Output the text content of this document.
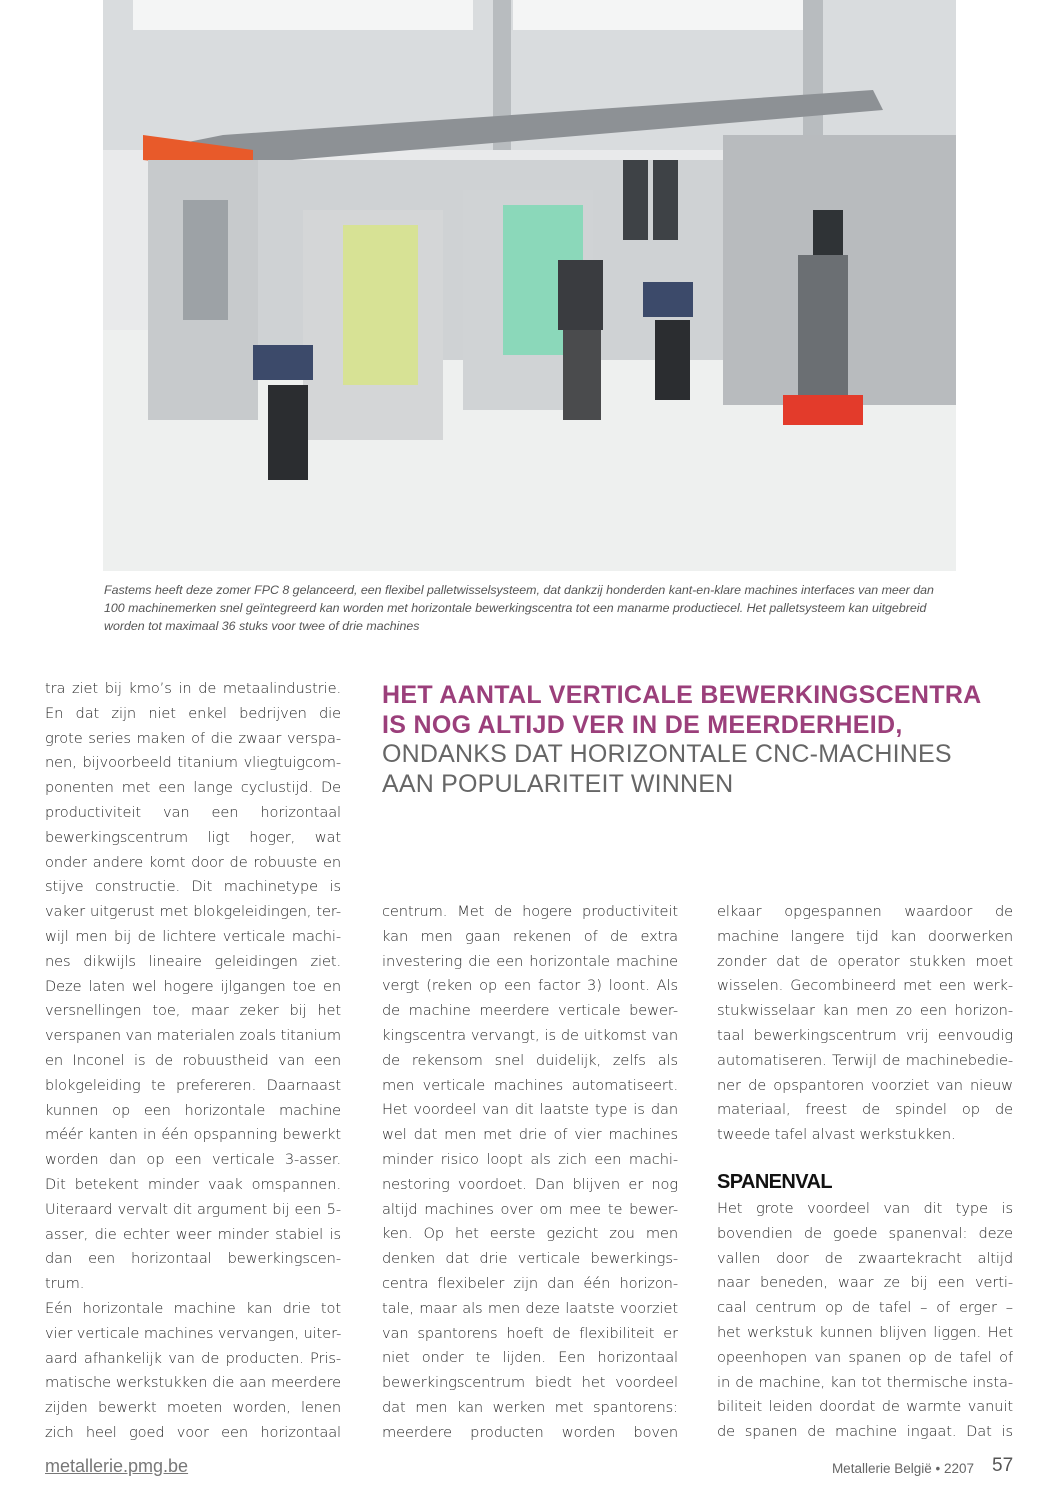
Fastems heeft deze zomer FPC 8 gelanceerd, een flexibel palletwisselsysteem, dat dankzij honderden kant-en-klare machines interfaces van meer dan
100 machinemerken snel geïntegreerd kan worden met horizontale bewerkingscentra tot een manarme productiecel. Het palletsysteem kan uitgebreid
worden tot maximaal 36 stuks voor twee of drie machines
HET AANTAL VERTICALE BEWERKINGSCENTRA
IS NOG ALTIJD VER IN DE MEERDERHEID,
ONDANKS DAT HORIZONTALE CNC-MACHINES
AAN POPULARITEIT WINNEN
tra ziet bij kmo’s in de metaalindustrie.
En dat zijn niet enkel bedrijven die
grote series maken of die zwaar verspa-
nen, bijvoorbeeld titanium vliegtuigcom-
ponenten met een lange cyclustijd. De
productiviteit van een horizontaal
bewerkingscentrum ligt hoger, wat
onder andere komt door de robuuste en
stijve constructie. Dit machinetype is
vaker uitgerust met blokgeleidingen, ter-
wijl men bij de lichtere verticale machi-
nes dikwijls lineaire geleidingen ziet.
Deze laten wel hogere ijlgangen toe en
versnellingen toe, maar zeker bij het
verspanen van materialen zoals titanium
en Inconel is de robuustheid van een
blokgeleiding te prefereren. Daarnaast
kunnen op een horizontale machine
méér kanten in één opspanning bewerkt
worden dan op een verticale 3-asser.
Dit betekent minder vaak omspannen.
Uiteraard vervalt dit argument bij een 5-
asser, die echter weer minder stabiel is
dan een horizontaal bewerkingscen-
trum.
Eén horizontale machine kan drie tot
vier verticale machines vervangen, uiter-
aard afhankelijk van de producten. Pris-
matische werkstukken die aan meerdere
zijden bewerkt moeten worden, lenen
zich heel goed voor een horizontaal
centrum. Met de hogere productiviteit
kan men gaan rekenen of de extra
investering die een horizontale machine
vergt (reken op een factor 3) loont. Als
de machine meerdere verticale bewer-
kingscentra vervangt, is de uitkomst van
de rekensom snel duidelijk, zelfs als
men verticale machines automatiseert.
Het voordeel van dit laatste type is dan
wel dat men met drie of vier machines
minder risico loopt als zich een machi-
nestoring voordoet. Dan blijven er nog
altijd machines over om mee te bewer-
ken. Op het eerste gezicht zou men
denken dat drie verticale bewerkings-
centra flexibeler zijn dan één horizon-
tale, maar als men deze laatste voorziet
van spantorens hoeft de flexibiliteit er
niet onder te lijden. Een horizontaal
bewerkingscentrum biedt het voordeel
dat men kan werken met spantorens:
meerdere producten worden boven
elkaar opgespannen waardoor de
machine langere tijd kan doorwerken
zonder dat de operator stukken moet
wisselen. Gecombineerd met een werk-
stukwisselaar kan men zo een horizon-
taal bewerkingscentrum vrij eenvoudig
automatiseren. Terwijl de machinebedie-
ner de opspantoren voorziet van nieuw
materiaal, freest de spindel op de
tweede tafel alvast werkstukken.
SPANENVAL
Het grote voordeel van dit type is
bovendien de goede spanenval: deze
vallen door de zwaartekracht altijd
naar beneden, waar ze bij een verti-
caal centrum op de tafel – of erger –
het werkstuk kunnen blijven liggen. Het
opeenhopen van spanen op de tafel of
in de machine, kan tot thermische insta-
biliteit leiden doordat de warmte vanuit
de spanen de machine ingaat. Dat is
metallerie.pmg.be	Metallerie België • 2207 57
